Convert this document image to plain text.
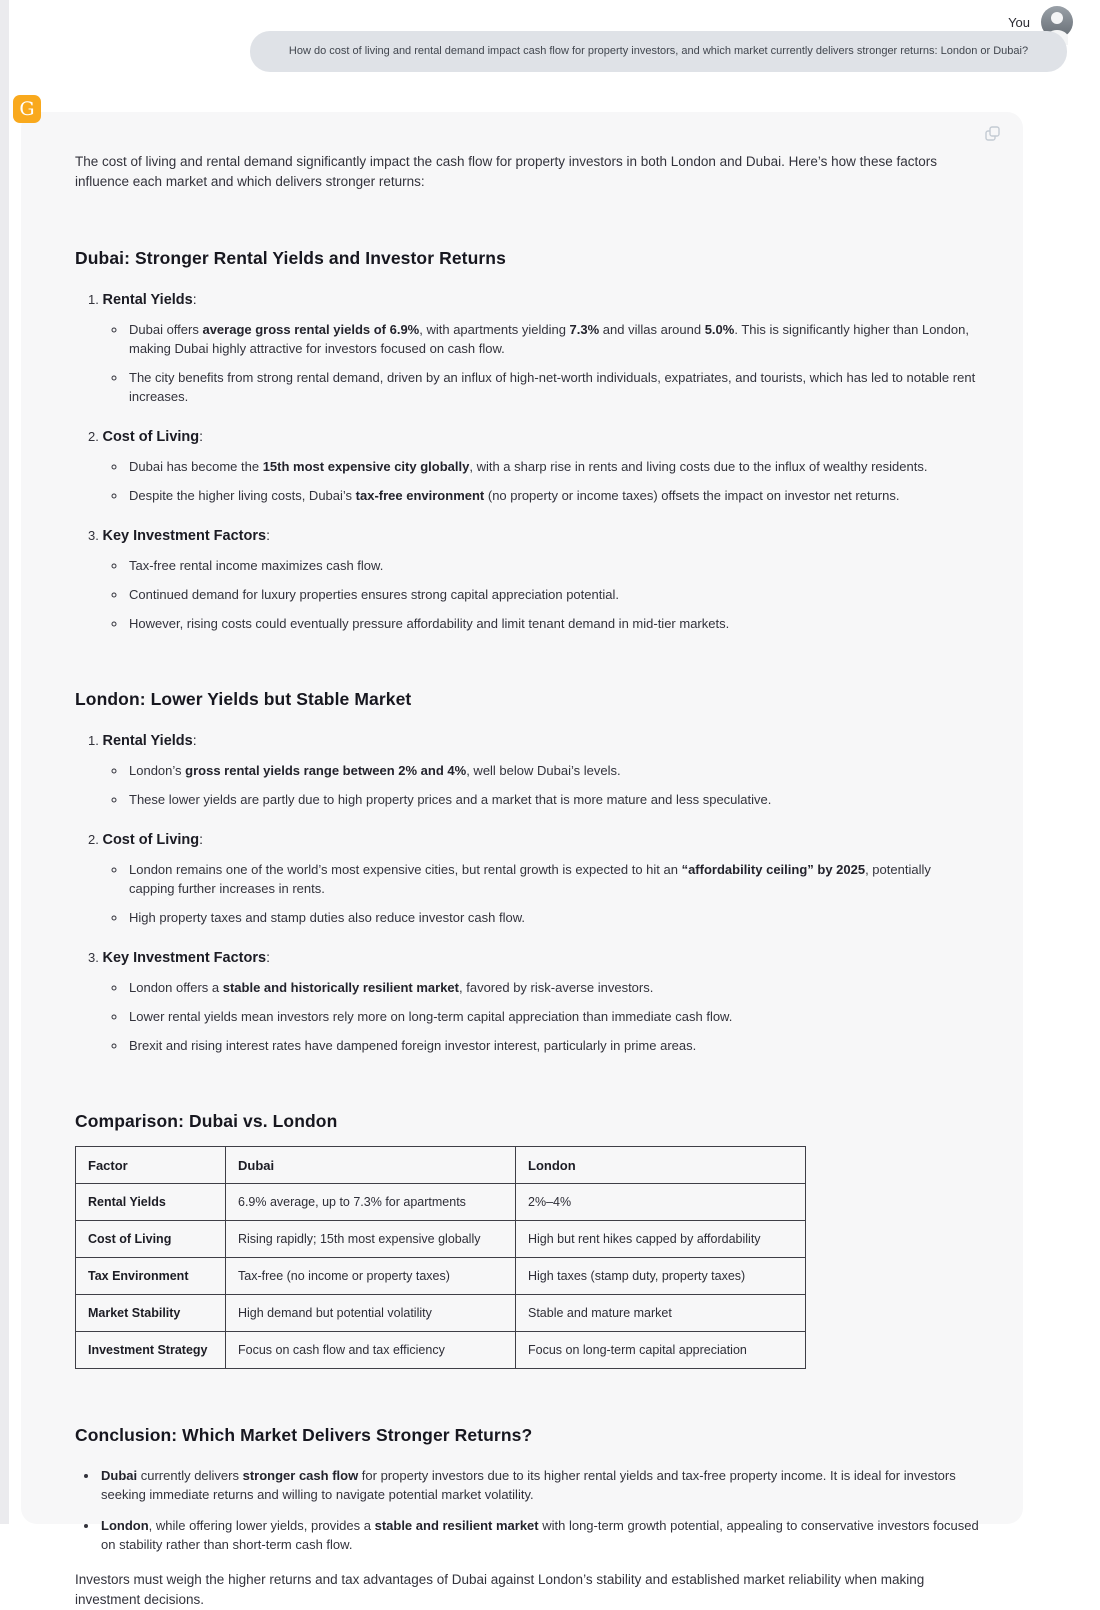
You
How do cost of living and rental demand impact cash flow for property investors, and which market currently delivers stronger returns: London or Dubai?
G

The cost of living and rental demand significantly impact the cash flow for property investors in both London and Dubai. Here’s how these factors influence each market and which delivers stronger returns:

Dubai: Stronger Rental Yields and Investor Returns
1. Rental Yields:
◦ Dubai offers average gross rental yields of 6.9%, with apartments yielding 7.3% and villas around 5.0%. This is significantly higher than London, making Dubai highly attractive for investors focused on cash flow.
◦ The city benefits from strong rental demand, driven by an influx of high-net-worth individuals, expatriates, and tourists, which has led to notable rent increases.
2. Cost of Living:
◦ Dubai has become the 15th most expensive city globally, with a sharp rise in rents and living costs due to the influx of wealthy residents.
◦ Despite the higher living costs, Dubai’s tax-free environment (no property or income taxes) offsets the impact on investor net returns.
3. Key Investment Factors:
◦ Tax-free rental income maximizes cash flow.
◦ Continued demand for luxury properties ensures strong capital appreciation potential.
◦ However, rising costs could eventually pressure affordability and limit tenant demand in mid-tier markets.
London: Lower Yields but Stable Market
1. Rental Yields:
◦ London’s gross rental yields range between 2% and 4%, well below Dubai’s levels.
◦ These lower yields are partly due to high property prices and a market that is more mature and less speculative.
2. Cost of Living:
◦ London remains one of the world’s most expensive cities, but rental growth is expected to hit an “affordability ceiling” by 2025, potentially capping further increases in rents.
◦ High property taxes and stamp duties also reduce investor cash flow.
3. Key Investment Factors:
◦ London offers a stable and historically resilient market, favored by risk-averse investors.
◦ Lower rental yields mean investors rely more on long-term capital appreciation than immediate cash flow.
◦ Brexit and rising interest rates have dampened foreign investor interest, particularly in prime areas.
Comparison: Dubai vs. London
Factor	Dubai	London
Rental Yields	6.9% average, up to 7.3% for apartments	2%–4%
Cost of Living	Rising rapidly; 15th most expensive globally	High but rent hikes capped by affordability
Tax Environment	Tax-free (no income or property taxes)	High taxes (stamp duty, property taxes)
Market Stability	High demand but potential volatility	Stable and mature market
Investment Strategy	Focus on cash flow and tax efficiency	Focus on long-term capital appreciation
Conclusion: Which Market Delivers Stronger Returns?
• Dubai currently delivers stronger cash flow for property investors due to its higher rental yields and tax-free property income. It is ideal for investors seeking immediate returns and willing to navigate potential market volatility.
• London, while offering lower yields, provides a stable and resilient market with long-term growth potential, appealing to conservative investors focused on stability rather than short-term cash flow.

Investors must weigh the higher returns and tax advantages of Dubai against London’s stability and established market reliability when making investment decisions.
